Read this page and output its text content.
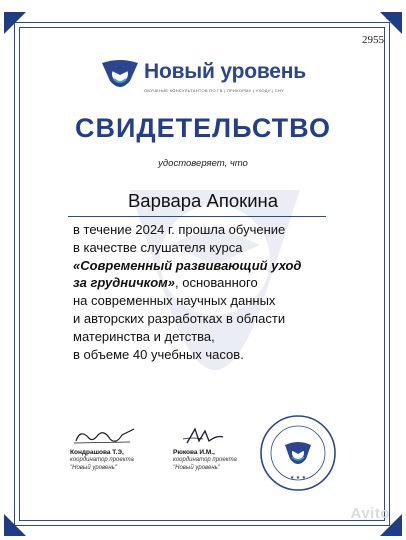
2955
Новый уровень
ОБУЧЕНИЕ КОНСУЛЬТАНТОВ ПО ГВ | ПРИКОРМУ | УХОДУ | СНУ
СВИДЕТЕЛЬСТВО
удостоверяет, что
Варвара Апокина
в течение 2024 г. прошла обучение
в качестве слушателя курса
«Современный развивающий уход
за грудничком», основанного
на современных научных данных
и авторских разработках в области
материнства и детства,
в объеме 40 учебных часов.
Кондрашова Т.Э,
координатор проекта
"Новый уровень"
Рюкова И.М.,
координатор проекта
"Новый уровень"
★ ★ ★
Avito
